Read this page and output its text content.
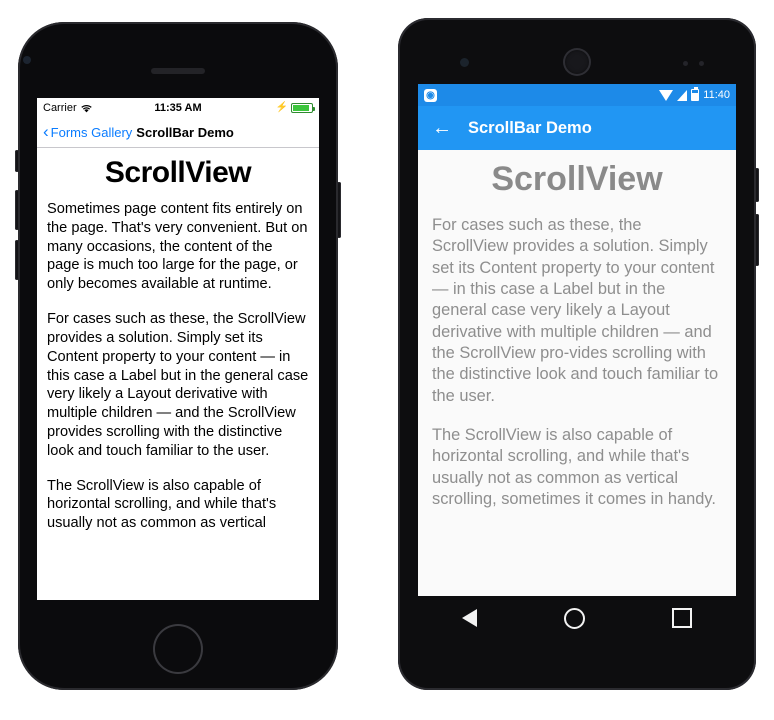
Carrier	11:35 AM	⚡
‹ Forms Gallery ScrollBar Demo
ScrollView

Sometimes page content fits entirely on the page. That's very convenient. But on many occasions, the content of the page is much too large for the page, or only becomes available at runtime.

For cases such as these, the ScrollView provides a solution. Simply set its Content property to your content — in this case a Label but in the general case very likely a Layout derivative with multiple children — and the ScrollView provides scrolling with the distinctive look and touch familiar to the user.

The ScrollView is also capable of horizontal scrolling, and while that's usually not as common as vertical

◉	11:40
← ScrollBar Demo
ScrollView

For cases such as these, the ScrollView provides a solution. Simply set its Content property to your content — in this case a Label but in the general case very likely a Layout derivative with multiple children — and the ScrollView pro-vides scrolling with the distinctive look and touch familiar to the user.

The ScrollView is also capable of horizontal scrolling, and while that's usually not as common as vertical scrolling, sometimes it comes in handy.
